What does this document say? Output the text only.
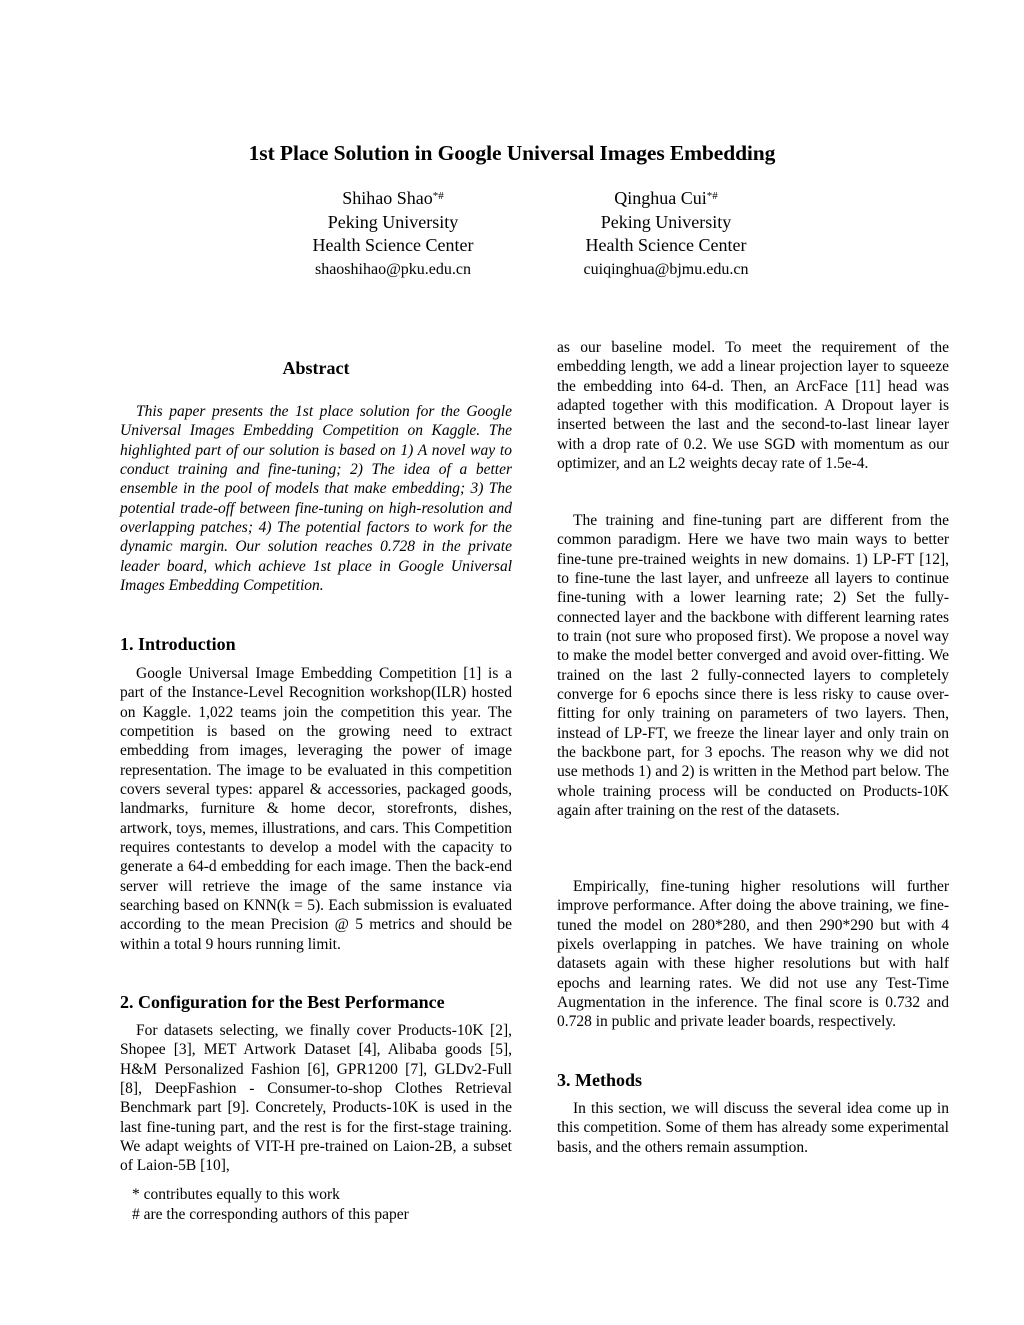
1st Place Solution in Google Universal Images Embedding
Shihao Shao*#
Peking University
Health Science Center
shaoshihao@pku.edu.cn
Qinghua Cui*#
Peking University
Health Science Center
cuiqinghua@bjmu.edu.cn
Abstract

This paper presents the 1st place solution for the Google Universal Images Embedding Competition on Kaggle. The highlighted part of our solution is based on 1) A novel way to conduct training and fine-tuning; 2) The idea of a better ensemble in the pool of models that make embedding; 3) The potential trade-off between fine-tuning on high-resolution and overlapping patches; 4) The potential factors to work for the dynamic margin. Our solution reaches 0.728 in the private leader board, which achieve 1st place in Google Universal Images Embedding Competition.

1. Introduction

Google Universal Image Embedding Competition [1] is a part of the Instance-Level Recognition workshop(ILR) hosted on Kaggle. 1,022 teams join the competition this year. The competition is based on the growing need to extract embedding from images, leveraging the power of image representation. The image to be evaluated in this competition covers several types: apparel & accessories, packaged goods, landmarks, furniture & home decor, storefronts, dishes, artwork, toys, memes, illustrations, and cars. This Competition requires contestants to develop a model with the capacity to generate a 64-d embedding for each image. Then the back-end server will retrieve the image of the same instance via searching based on KNN(k = 5). Each submission is evaluated according to the mean Precision @ 5 metrics and should be within a total 9 hours running limit.

2. Configuration for the Best Performance

For datasets selecting, we finally cover Products-10K [2], Shopee [3], MET Artwork Dataset [4], Alibaba goods [5], H&M Personalized Fashion [6], GPR1200 [7], GLDv2-Full [8], DeepFashion - Consumer-to-shop Clothes Retrieval Benchmark part [9]. Concretely, Products-10K is used in the last fine-tuning part, and the rest is for the first-stage training. We adapt weights of VIT-H pre-trained on Laion-2B, a subset of Laion-5B [10],

as our baseline model. To meet the requirement of the embedding length, we add a linear projection layer to squeeze the embedding into 64-d. Then, an ArcFace [11] head was adapted together with this modification. A Dropout layer is inserted between the last and the second-to-last linear layer with a drop rate of 0.2. We use SGD with momentum as our optimizer, and an L2 weights decay rate of 1.5e-4.

The training and fine-tuning part are different from the common paradigm. Here we have two main ways to better fine-tune pre-trained weights in new domains. 1) LP-FT [12], to fine-tune the last layer, and unfreeze all layers to continue fine-tuning with a lower learning rate; 2) Set the fully-connected layer and the backbone with different learning rates to train (not sure who proposed first). We propose a novel way to make the model better converged and avoid over-fitting. We trained on the last 2 fully-connected layers to completely converge for 6 epochs since there is less risky to cause over-fitting for only training on parameters of two layers. Then, instead of LP-FT, we freeze the linear layer and only train on the backbone part, for 3 epochs. The reason why we did not use methods 1) and 2) is written in the Method part below. The whole training process will be conducted on Products-10K again after training on the rest of the datasets.

Empirically, fine-tuning higher resolutions will further improve performance. After doing the above training, we fine-tuned the model on 280*280, and then 290*290 but with 4 pixels overlapping in patches. We have training on whole datasets again with these higher resolutions but with half epochs and learning rates. We did not use any Test-Time Augmentation in the inference. The final score is 0.732 and 0.728 in public and private leader boards, respectively.

3. Methods

In this section, we will discuss the several idea come up in this competition. Some of them has already some experimental basis, and the others remain assumption.

* contributes equally to this work
# are the corresponding authors of this paper
